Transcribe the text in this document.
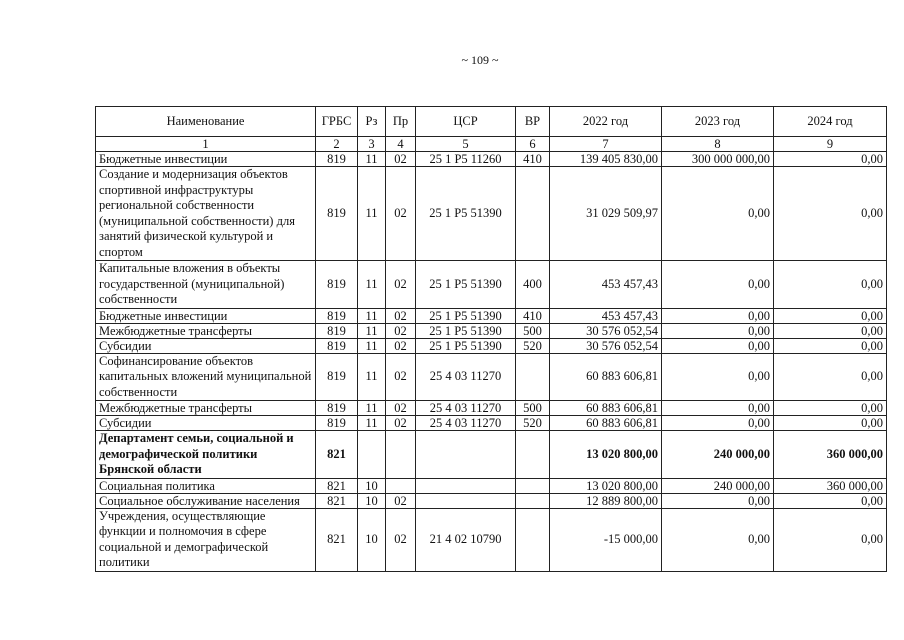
~ 109 ~
Наименование	ГРБС	Рз	Пр	ЦСР	ВР	2022 год	2023 год	2024 год
1	2	3	4	5	6	7	8	9
Бюджетные инвестиции	819	11	02	25 1 P5 11260	410	139 405 830,00	300 000 000,00	0,00
Создание и модернизация объектов спортивной инфраструктуры региональной собственности (муниципальной собственности) для занятий физической культурой и спортом	819	11	02	25 1 P5 51390		31 029 509,97	0,00	0,00
Капитальные вложения в объекты государственной (муниципальной) собственности	819	11	02	25 1 P5 51390	400	453 457,43	0,00	0,00
Бюджетные инвестиции	819	11	02	25 1 P5 51390	410	453 457,43	0,00	0,00
Межбюджетные трансферты	819	11	02	25 1 P5 51390	500	30 576 052,54	0,00	0,00
Субсидии	819	11	02	25 1 P5 51390	520	30 576 052,54	0,00	0,00
Софинансирование объектов капитальных вложений муниципальной собственности	819	11	02	25 4 03 11270		60 883 606,81	0,00	0,00
Межбюджетные трансферты	819	11	02	25 4 03 11270	500	60 883 606,81	0,00	0,00
Субсидии	819	11	02	25 4 03 11270	520	60 883 606,81	0,00	0,00
Департамент семьи, социальной и демографической политики Брянской области	821					13 020 800,00	240 000,00	360 000,00
Социальная политика	821	10				13 020 800,00	240 000,00	360 000,00
Социальное обслуживание населения	821	10	02			12 889 800,00	0,00	0,00
Учреждения, осуществляющие функции и полномочия в сфере социальной и демографической политики	821	10	02	21 4 02 10790		-15 000,00	0,00	0,00
